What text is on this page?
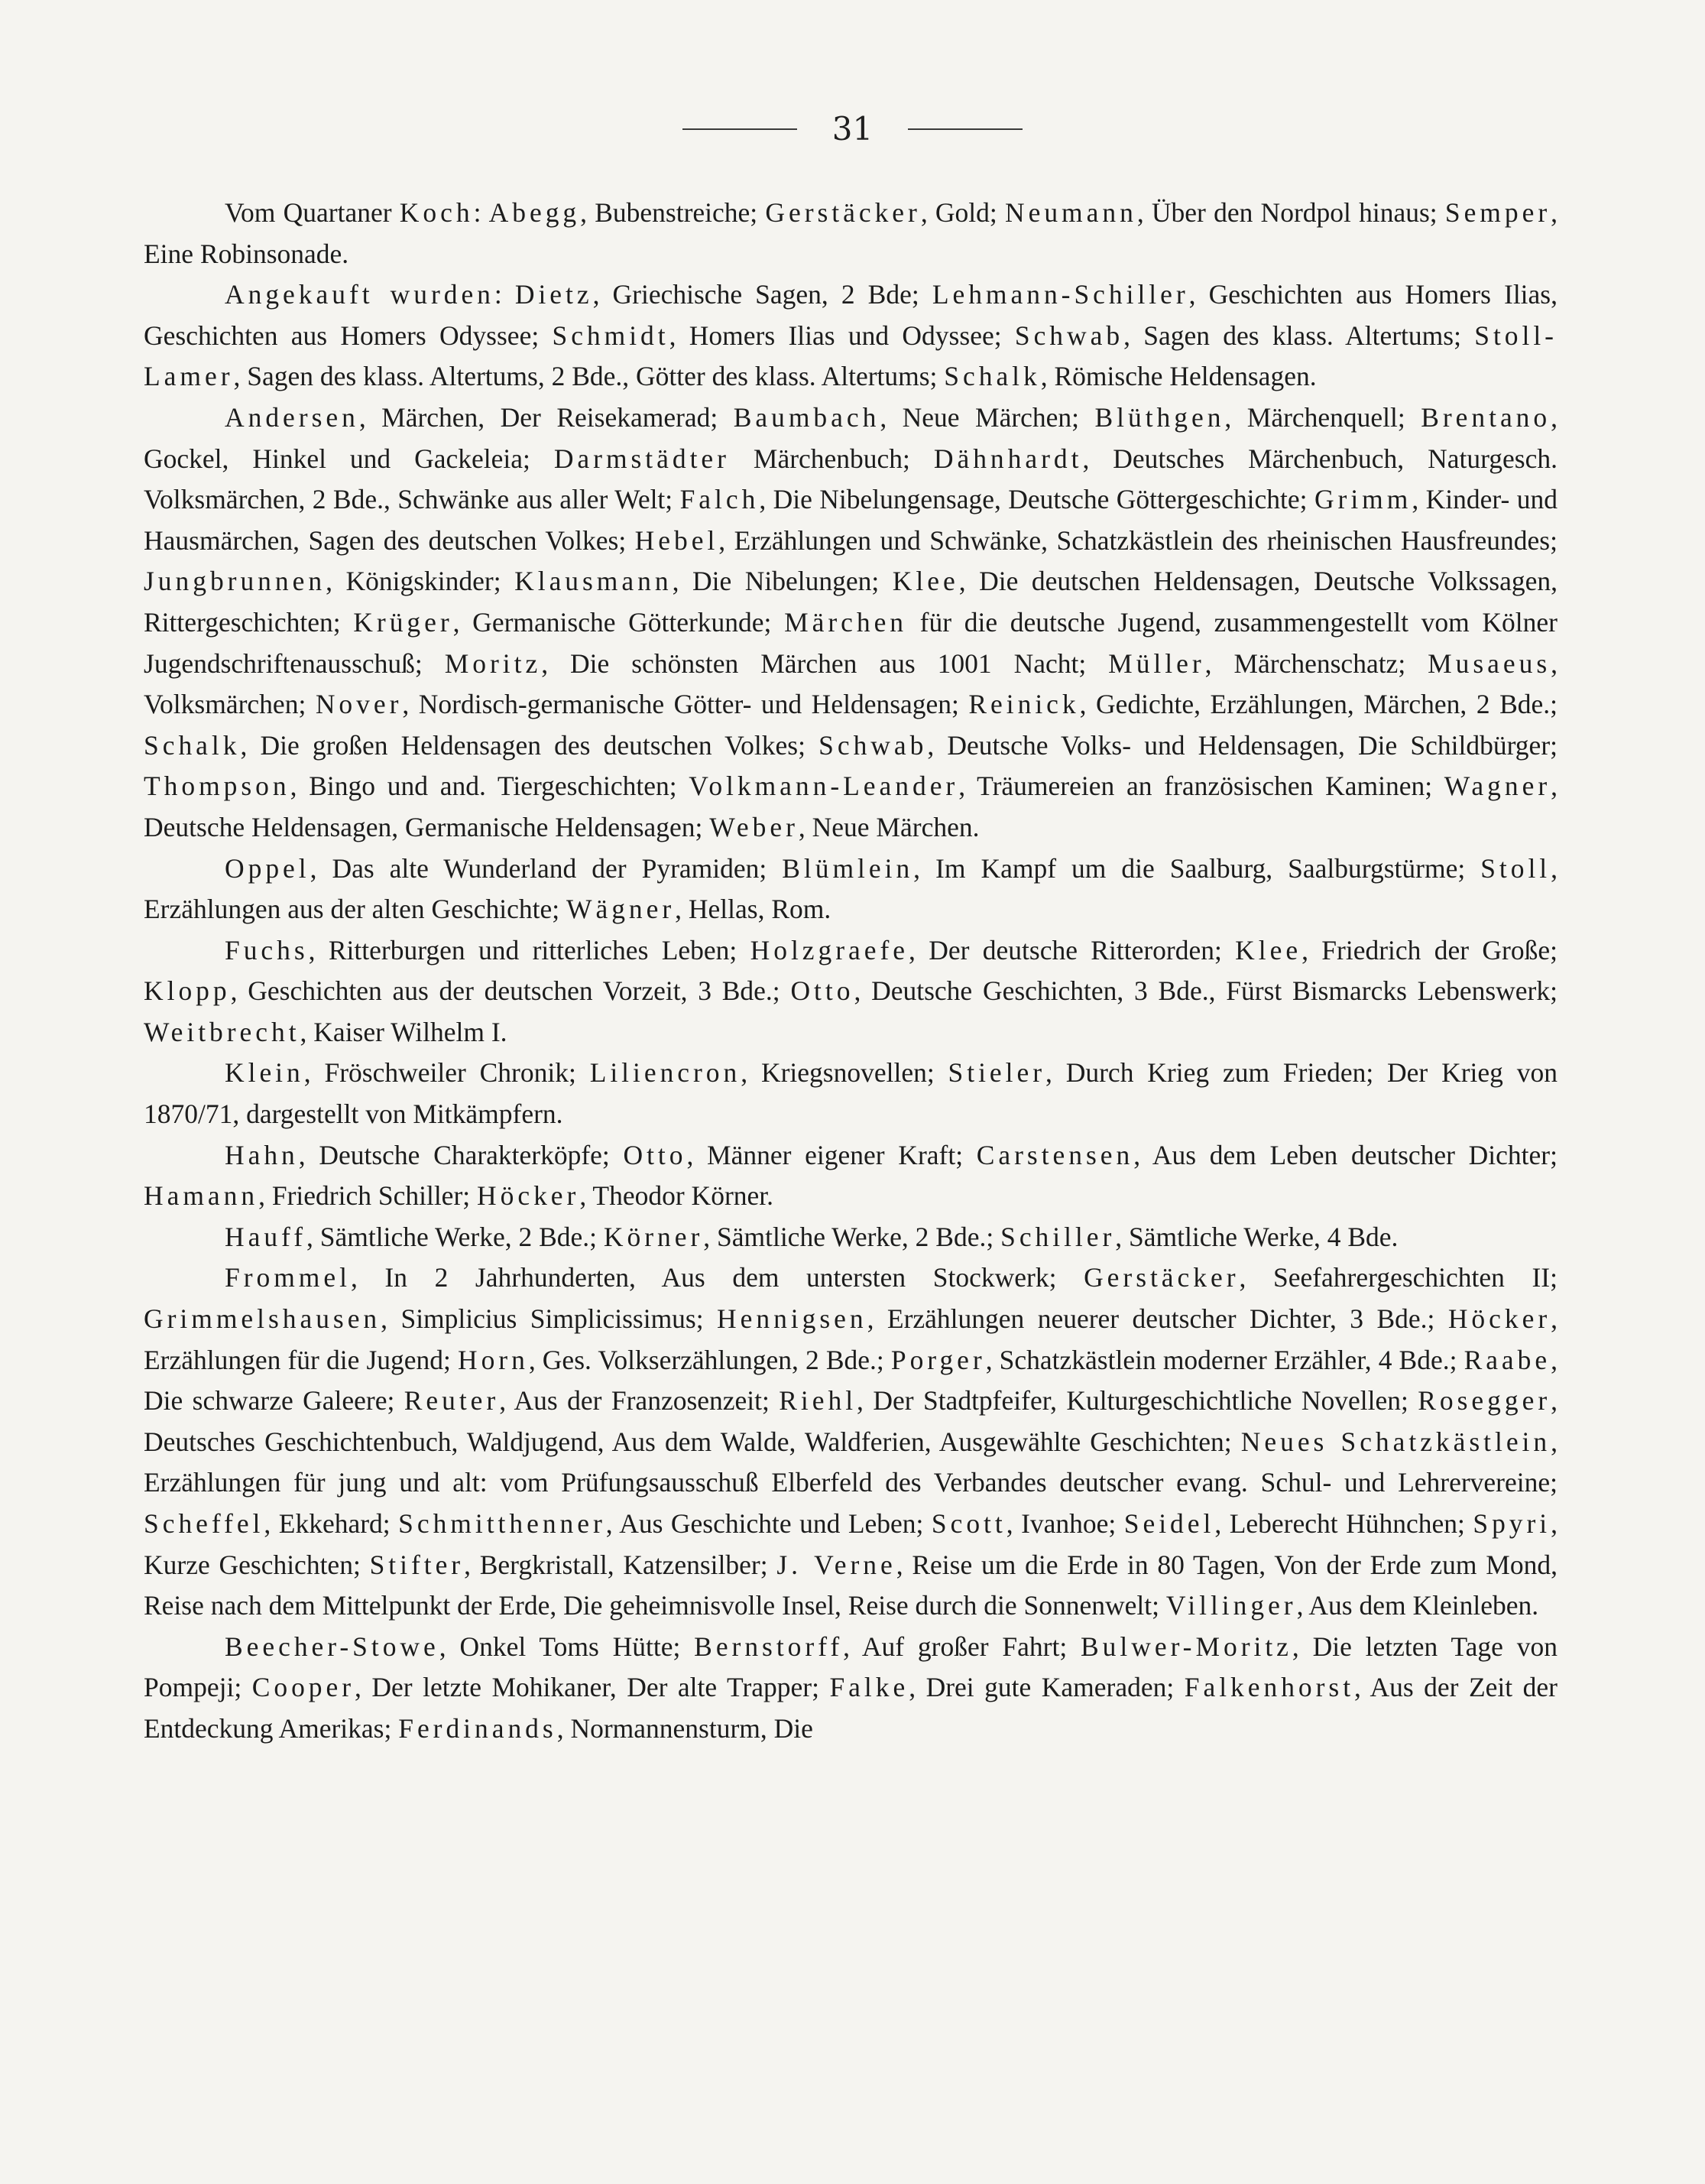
31

Vom Quartaner Koch: Abegg, Bubenstreiche; Gerstäcker, Gold; Neumann, Über den Nordpol hinaus; Semper, Eine Robinsonade.

Angekauft wurden: Dietz, Griechische Sagen, 2 Bde; Lehmann-Schiller, Geschichten aus Homers Ilias, Geschichten aus Homers Odyssee; Schmidt, Homers Ilias und Odyssee; Schwab, Sagen des klass. Altertums; Stoll-Lamer, Sagen des klass. Altertums, 2 Bde., Götter des klass. Altertums; Schalk, Römische Heldensagen.

Andersen, Märchen, Der Reisekamerad; Baumbach, Neue Märchen; Blüthgen, Märchenquell; Brentano, Gockel, Hinkel und Gackeleia; Darmstädter Märchenbuch; Dähnhardt, Deutsches Märchenbuch, Naturgesch. Volksmärchen, 2 Bde., Schwänke aus aller Welt; Falch, Die Nibelungensage, Deutsche Göttergeschichte; Grimm, Kinder- und Hausmärchen, Sagen des deutschen Volkes; Hebel, Erzählungen und Schwänke, Schatzkästlein des rheinischen Hausfreundes; Jungbrunnen, Königskinder; Klausmann, Die Nibelungen; Klee, Die deutschen Heldensagen, Deutsche Volkssagen, Rittergeschichten; Krüger, Germanische Götterkunde; Märchen für die deutsche Jugend, zusammengestellt vom Kölner Jugendschriftenausschuß; Moritz, Die schönsten Märchen aus 1001 Nacht; Müller, Märchenschatz; Musaeus, Volksmärchen; Nover, Nordisch-germanische Götter- und Heldensagen; Reinick, Gedichte, Erzählungen, Märchen, 2 Bde.; Schalk, Die großen Heldensagen des deutschen Volkes; Schwab, Deutsche Volks- und Heldensagen, Die Schildbürger; Thompson, Bingo und and. Tiergeschichten; Volkmann-Leander, Träumereien an französischen Kaminen; Wagner, Deutsche Heldensagen, Germanische Heldensagen; Weber, Neue Märchen.

Oppel, Das alte Wunderland der Pyramiden; Blümlein, Im Kampf um die Saalburg, Saalburgstürme; Stoll, Erzählungen aus der alten Geschichte; Wägner, Hellas, Rom.

Fuchs, Ritterburgen und ritterliches Leben; Holzgraefe, Der deutsche Ritterorden; Klee, Friedrich der Große; Klopp, Geschichten aus der deutschen Vorzeit, 3 Bde.; Otto, Deutsche Geschichten, 3 Bde., Fürst Bismarcks Lebenswerk; Weitbrecht, Kaiser Wilhelm I.

Klein, Fröschweiler Chronik; Liliencron, Kriegsnovellen; Stieler, Durch Krieg zum Frieden; Der Krieg von 1870/71, dargestellt von Mitkämpfern.

Hahn, Deutsche Charakterköpfe; Otto, Männer eigener Kraft; Carstensen, Aus dem Leben deutscher Dichter; Hamann, Friedrich Schiller; Höcker, Theodor Körner.

Hauff, Sämtliche Werke, 2 Bde.; Körner, Sämtliche Werke, 2 Bde.; Schiller, Sämtliche Werke, 4 Bde.

Frommel, In 2 Jahrhunderten, Aus dem untersten Stockwerk; Gerstäcker, Seefahrergeschichten II; Grimmelshausen, Simplicius Simplicissimus; Hennigsen, Erzählungen neuerer deutscher Dichter, 3 Bde.; Höcker, Erzählungen für die Jugend; Horn, Ges. Volkserzählungen, 2 Bde.; Porger, Schatzkästlein moderner Erzähler, 4 Bde.; Raabe, Die schwarze Galeere; Reuter, Aus der Franzosenzeit; Riehl, Der Stadtpfeifer, Kulturgeschichtliche Novellen; Rosegger, Deutsches Geschichtenbuch, Waldjugend, Aus dem Walde, Waldferien, Ausgewählte Geschichten; Neues Schatzkästlein, Erzählungen für jung und alt: vom Prüfungsausschuß Elberfeld des Verbandes deutscher evang. Schul- und Lehrervereine; Scheffel, Ekkehard; Schmitthenner, Aus Geschichte und Leben; Scott, Ivanhoe; Seidel, Leberecht Hühnchen; Spyri, Kurze Geschichten; Stifter, Bergkristall, Katzensilber; J. Verne, Reise um die Erde in 80 Tagen, Von der Erde zum Mond, Reise nach dem Mittelpunkt der Erde, Die geheimnisvolle Insel, Reise durch die Sonnenwelt; Villinger, Aus dem Kleinleben.

Beecher-Stowe, Onkel Toms Hütte; Bernstorff, Auf großer Fahrt; Bulwer-Moritz, Die letzten Tage von Pompeji; Cooper, Der letzte Mohikaner, Der alte Trapper; Falke, Drei gute Kameraden; Falkenhorst, Aus der Zeit der Entdeckung Amerikas; Ferdinands, Normannensturm, Die
